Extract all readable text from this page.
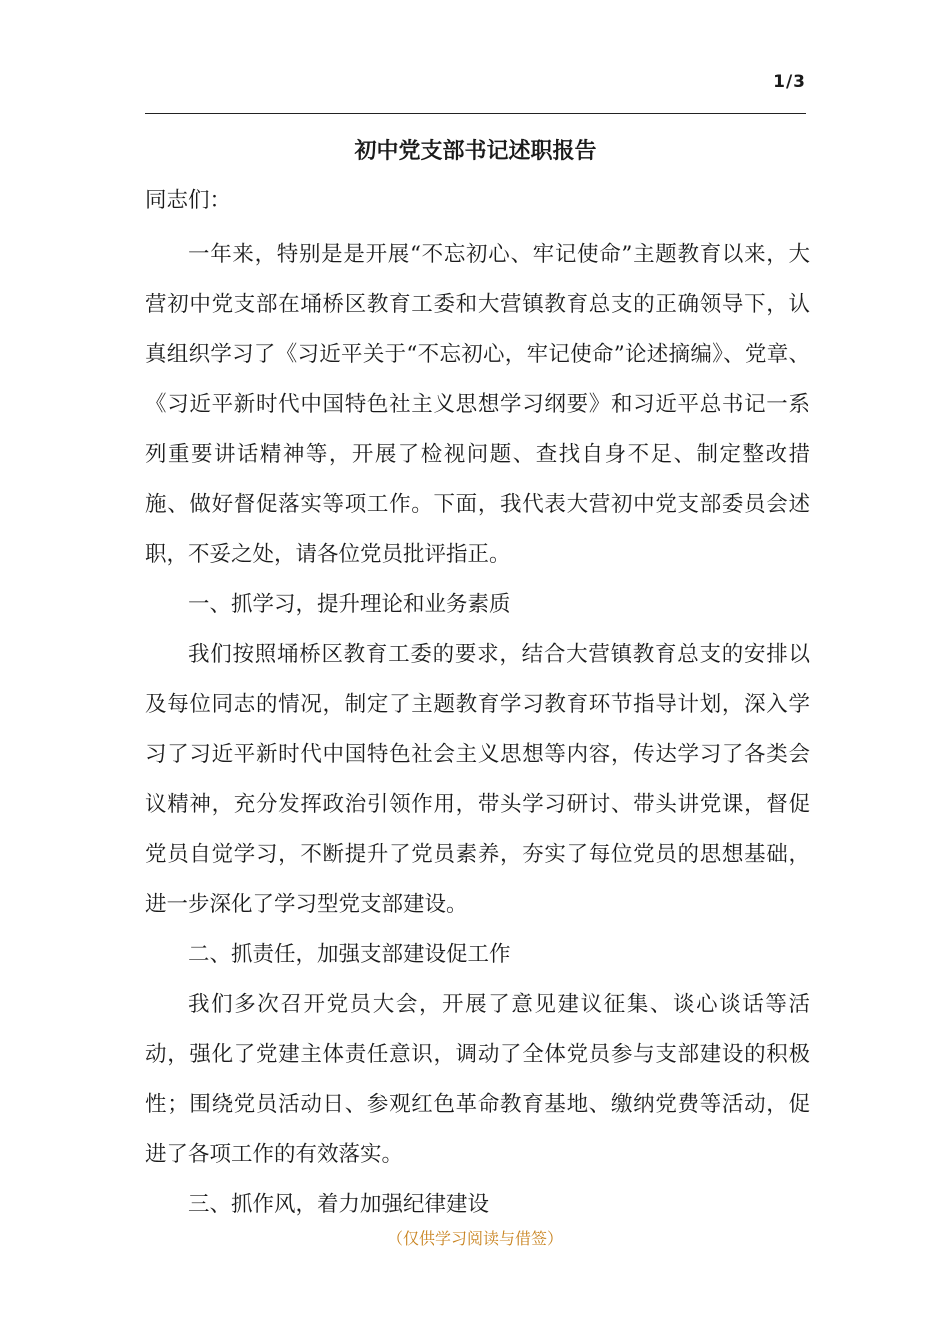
1/3
初中党支部书记述职报告

同志们：

一年来，特别是是开展“不忘初心、牢记使命”主题教育以来，大营初中党支部在埇桥区教育工委和大营镇教育总支的正确领导下，认真组织学习了《习近平关于“不忘初心，牢记使命”论述摘编》、党章、《习近平新时代中国特色社主义思想学习纲要》和习近平总书记一系列重要讲话精神等，开展了检视问题、查找自身不足、制定整改措施、做好督促落实等项工作。下面，我代表大营初中党支部委员会述职，不妥之处，请各位党员批评指正。

一、抓学习，提升理论和业务素质

我们按照埇桥区教育工委的要求，结合大营镇教育总支的安排以及每位同志的情况，制定了主题教育学习教育环节指导计划，深入学习了习近平新时代中国特色社会主义思想等内容，传达学习了各类会议精神，充分发挥政治引领作用，带头学习研讨、带头讲党课，督促党员自觉学习，不断提升了党员素养，夯实了每位党员的思想基础，进一步深化了学习型党支部建设。

二、抓责任，加强支部建设促工作

我们多次召开党员大会，开展了意见建议征集、谈心谈话等活动，强化了党建主体责任意识，调动了全体党员参与支部建设的积极性；围绕党员活动日、参观红色革命教育基地、缴纳党费等活动，促进了各项工作的有效落实。

三、抓作风，着力加强纪律建设

（仅供学习阅读与借签）
